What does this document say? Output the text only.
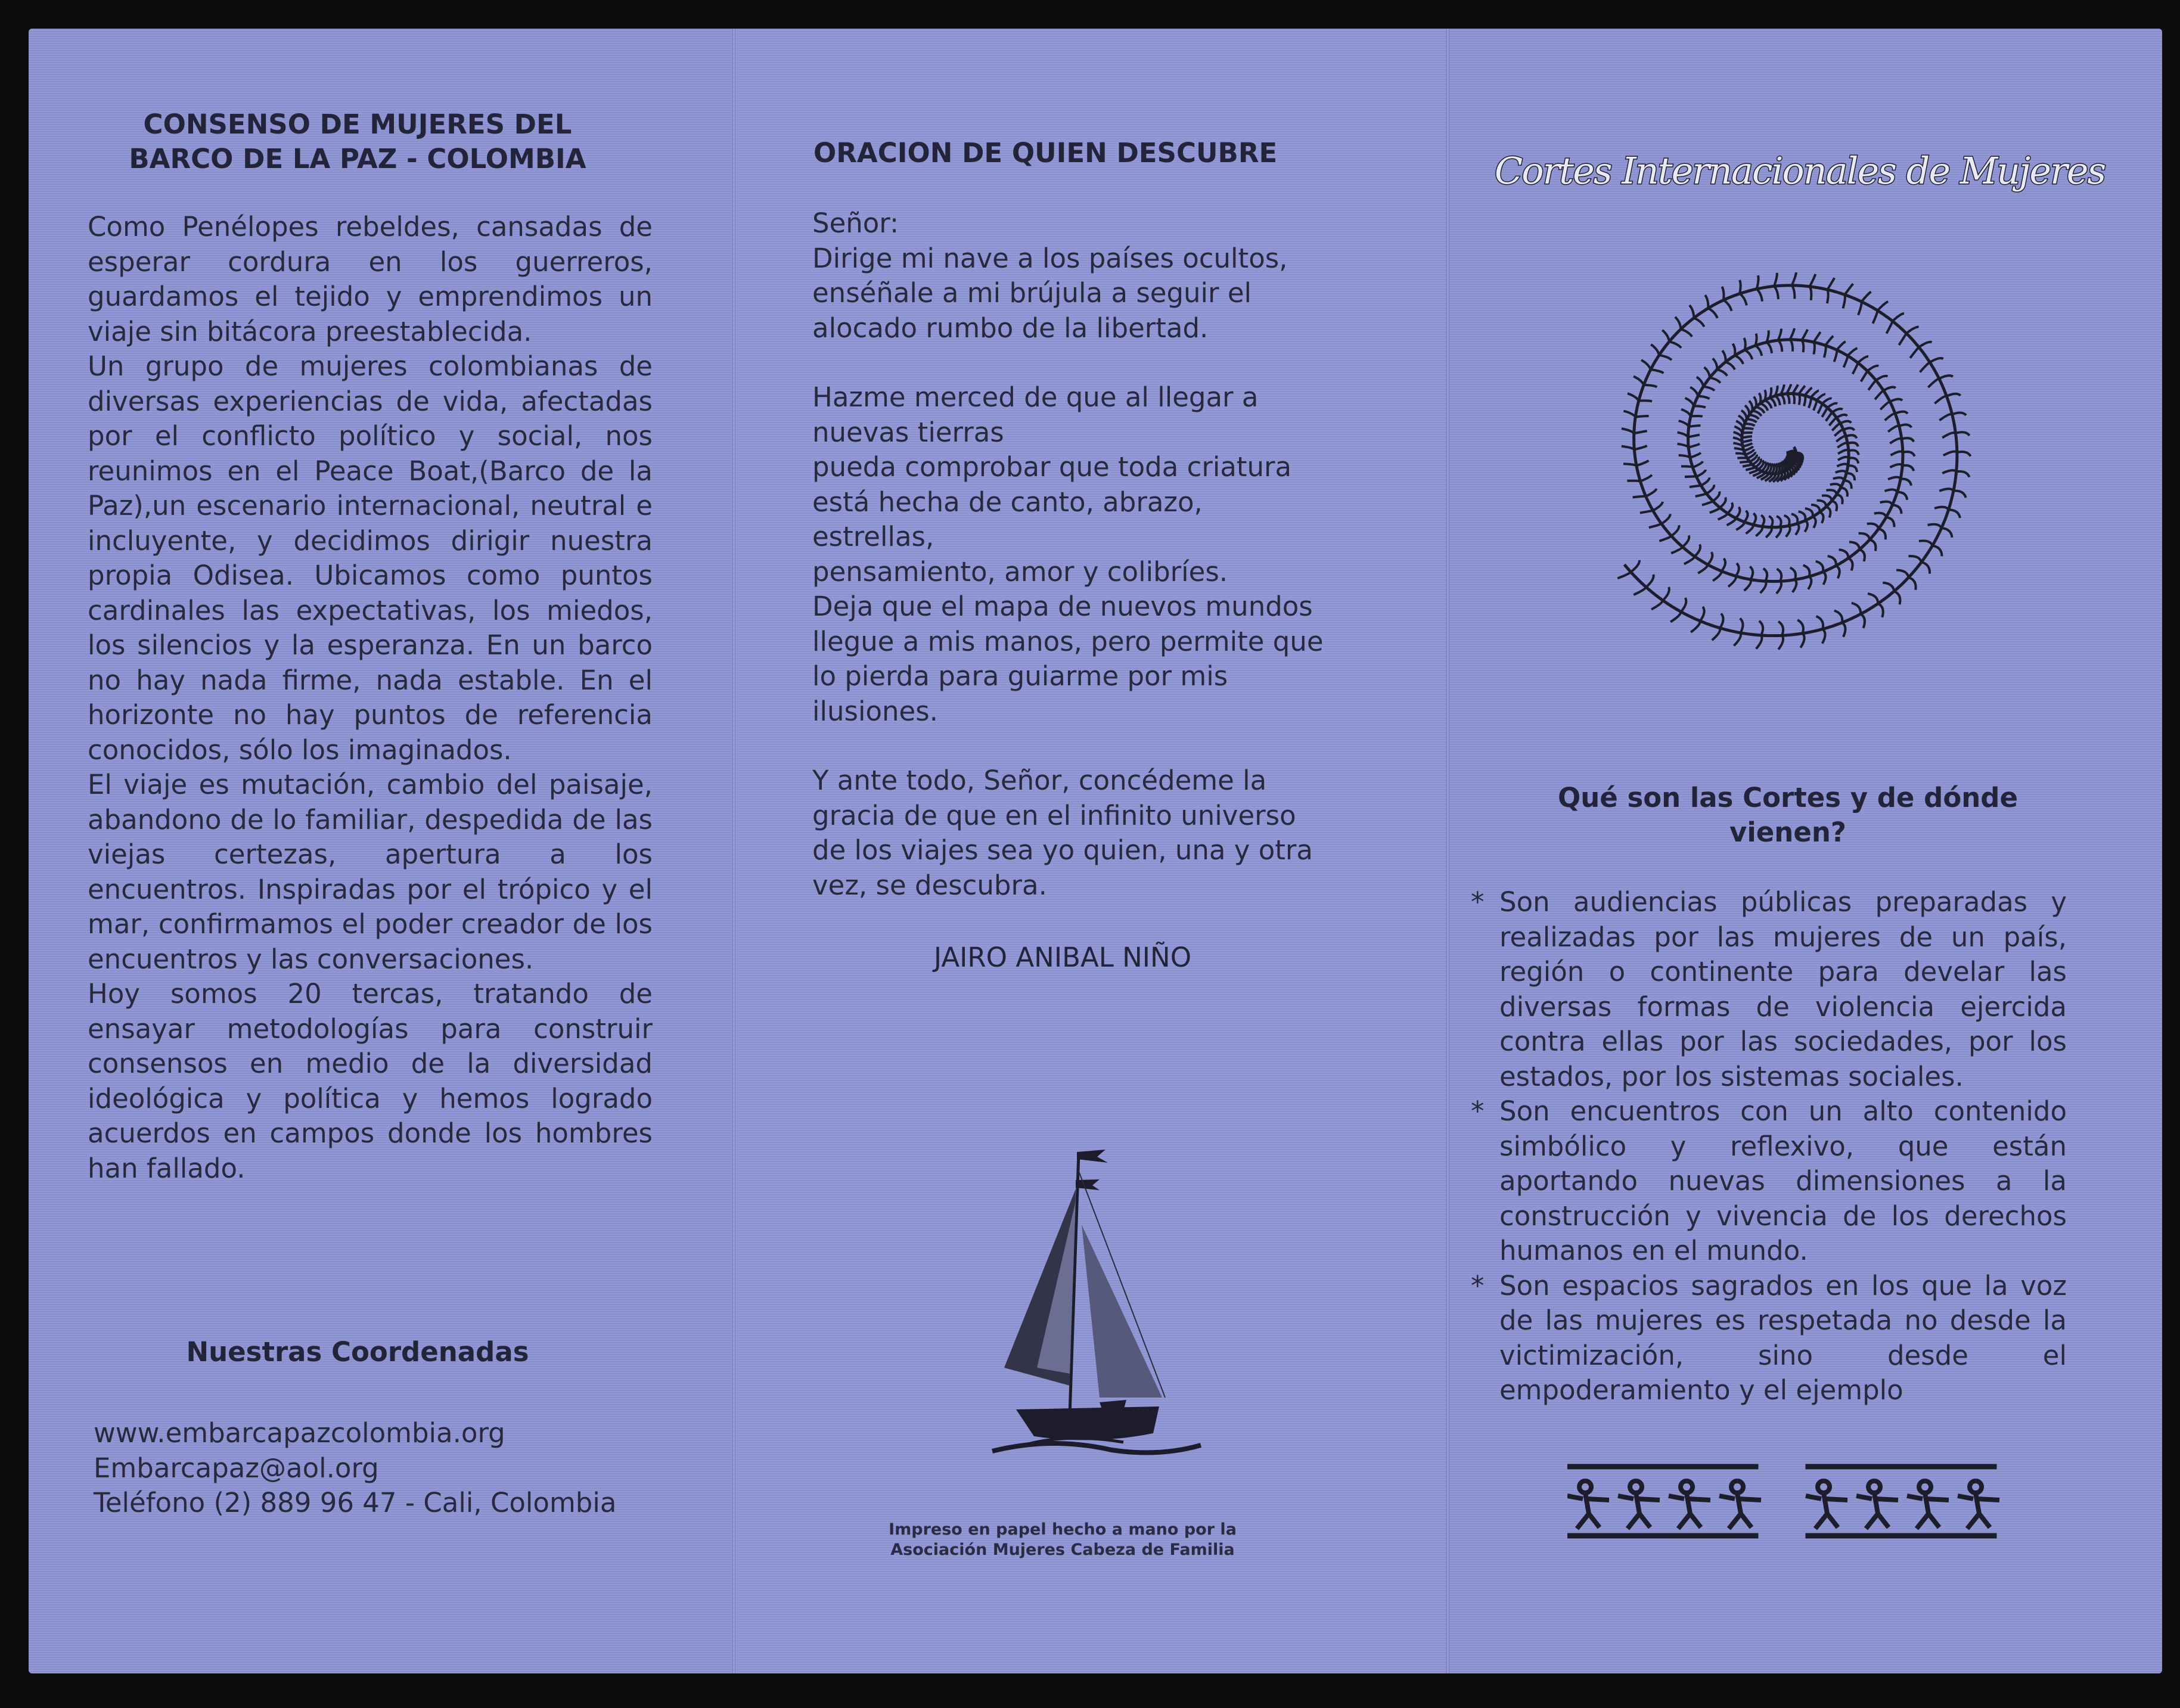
CONSENSO DE MUJERES DEL
BARCO DE LA PAZ - COLOMBIA

Como Penélopes rebeldes, cansadas de esperar cordura en los guerreros, guardamos el tejido y emprendimos un viaje sin bitácora preestablecida.

Un grupo de mujeres colombianas de diversas experiencias de vida, afectadas por el conflicto político y social, nos reunimos en el Peace Boat,(Barco de la Paz),un escenario internacional, neutral e incluyente, y decidimos dirigir nuestra propia Odisea. Ubicamos como puntos cardinales las expectativas, los miedos, los silencios y la esperanza. En un barco no hay nada firme, nada estable. En el horizonte no hay puntos de referencia conocidos, sólo los imaginados.

El viaje es mutación, cambio del paisaje, abandono de lo familiar, despedida de las viejas certezas, apertura a los encuentros. Inspiradas por el trópico y el mar, confirmamos el poder creador de los encuentros y las conversaciones.

Hoy somos 20 tercas, tratando de ensayar metodologías para construir consensos en medio de la diversidad ideológica y política y hemos logrado acuerdos en campos donde los hombres han fallado.

Nuestras Coordenadas

www.embarcapazcolombia.org

Embarcapaz@aol.org

Teléfono (2) 889 96 47 - Cali, Colombia

ORACION DE QUIEN DESCUBRE

Señor:
Dirige mi nave a los países ocultos,
enséñale a mi brújula a seguir el
alocado rumbo de la libertad.

Hazme merced de que al llegar a
nuevas tierras
pueda comprobar que toda criatura
está hecha de canto, abrazo,
estrellas,
pensamiento, amor y colibríes.
Deja que el mapa de nuevos mundos
llegue a mis manos, pero permite que
lo pierda para guiarme por mis
ilusiones.

Y ante todo, Señor, concédeme la
gracia de que en el infinito universo
de los viajes sea yo quien, una y otra
vez, se descubra.

JAIRO ANIBAL NIÑO
Impreso en papel hecho a mano por la
Asociación Mujeres Cabeza de Familia
Cortes Internacionales de Mujeres
Qué son las Cortes y de dónde
vienen?
* Son audiencias públicas preparadas y realizadas por las mujeres de un país, región o continente para develar las diversas formas de violencia ejercida contra ellas por las sociedades, por los estados, por los sistemas sociales.
* Son encuentros con un alto contenido simbólico y reflexivo, que están aportando nuevas dimensiones a la construcción y vivencia de los derechos humanos en el mundo.
* Son espacios sagrados en los que la voz de las mujeres es respetada no desde la victimización, sino desde el empoderamiento y el ejemplo
